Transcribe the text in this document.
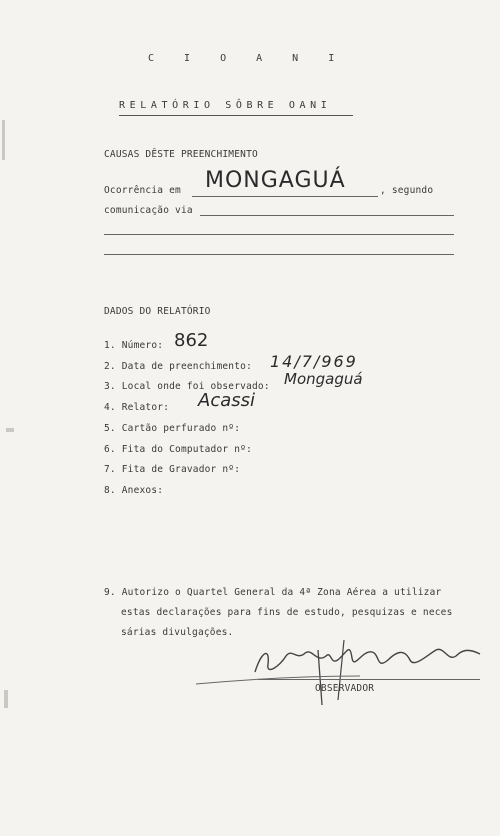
C I O A N I
RELATÓRIO SÔBRE OANI
CAUSAS DÊSTE PREENCHIMENTO
Ocorrência em MONGAGUÁ	, segundo
comunicação via
DADOS DO RELATÓRIO
1. Número: 862
2. Data de preenchimento: 14/7/969
3. Local onde foi observado: Mongaguá
4. Relator: Acassi
5. Cartão perfurado nº:
6. Fita do Computador nº:
7. Fita de Gravador nº:
8. Anexos:
9. Autorizo o Quartel General da 4ª Zona Aérea a utilizar
estas declarações para fins de estudo, pesquizas e neces
sárias divulgações.
OBSERVADOR
